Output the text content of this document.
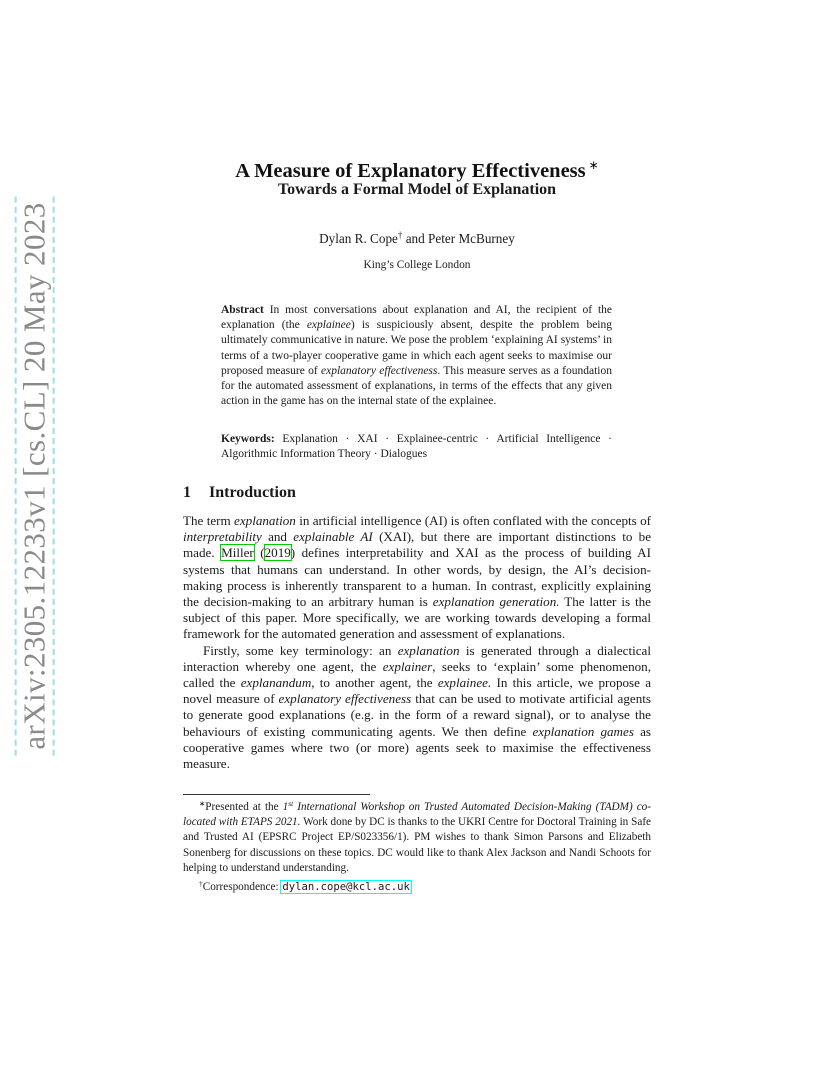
arXiv:2305.12233v1 [cs.CL] 20 May 2023
A Measure of Explanatory Effectiveness ∗
Towards a Formal Model of Explanation
Dylan R. Cope† and Peter McBurney
King’s College London
Abstract In most conversations about explanation and AI, the recipient of the explanation (the explainee) is suspiciously absent, despite the problem being ultimately communicative in nature. We pose the problem ‘explaining AI systems’ in terms of a two-player cooperative game in which each agent seeks to maximise our proposed measure of explanatory effectiveness. This measure serves as a foundation for the automated assessment of explanations, in terms of the effects that any given action in the game has on the internal state of the explainee.
Keywords: Explanation · XAI · Explainee-centric · Artificial Intelligence · Algorithmic Information Theory · Dialogues
1 Introduction

The term explanation in artificial intelligence (AI) is often conflated with the concepts of interpretability and explainable AI (XAI), but there are important distinctions to be made. Miller (2019) defines interpretability and XAI as the process of building AI systems that humans can understand. In other words, by design, the AI’s decision-making process is inherently transparent to a human. In contrast, explicitly explaining the decision-making to an arbitrary human is explanation generation. The latter is the subject of this paper. More specifically, we are working towards developing a formal framework for the automated generation and assessment of explanations.

Firstly, some key terminology: an explanation is generated through a dialectical interaction whereby one agent, the explainer, seeks to ‘explain’ some phenomenon, called the explanandum, to another agent, the explainee. In this article, we propose a novel measure of explanatory effectiveness that can be used to motivate artificial agents to generate good explanations (e.g. in the form of a reward signal), or to analyse the behaviours of existing communicating agents. We then define explanation games as cooperative games where two (or more) agents seek to maximise the effectiveness measure.

∗Presented at the 1st International Workshop on Trusted Automated Decision-Making (TADM) co-located with ETAPS 2021. Work done by DC is thanks to the UKRI Centre for Doctoral Training in Safe and Trusted AI (EPSRC Project EP/S023356/1). PM wishes to thank Simon Parsons and Elizabeth Sonenberg for discussions on these topics. DC would like to thank Alex Jackson and Nandi Schoots for helping to understand understanding.

†Correspondence: dylan.cope@kcl.ac.uk
